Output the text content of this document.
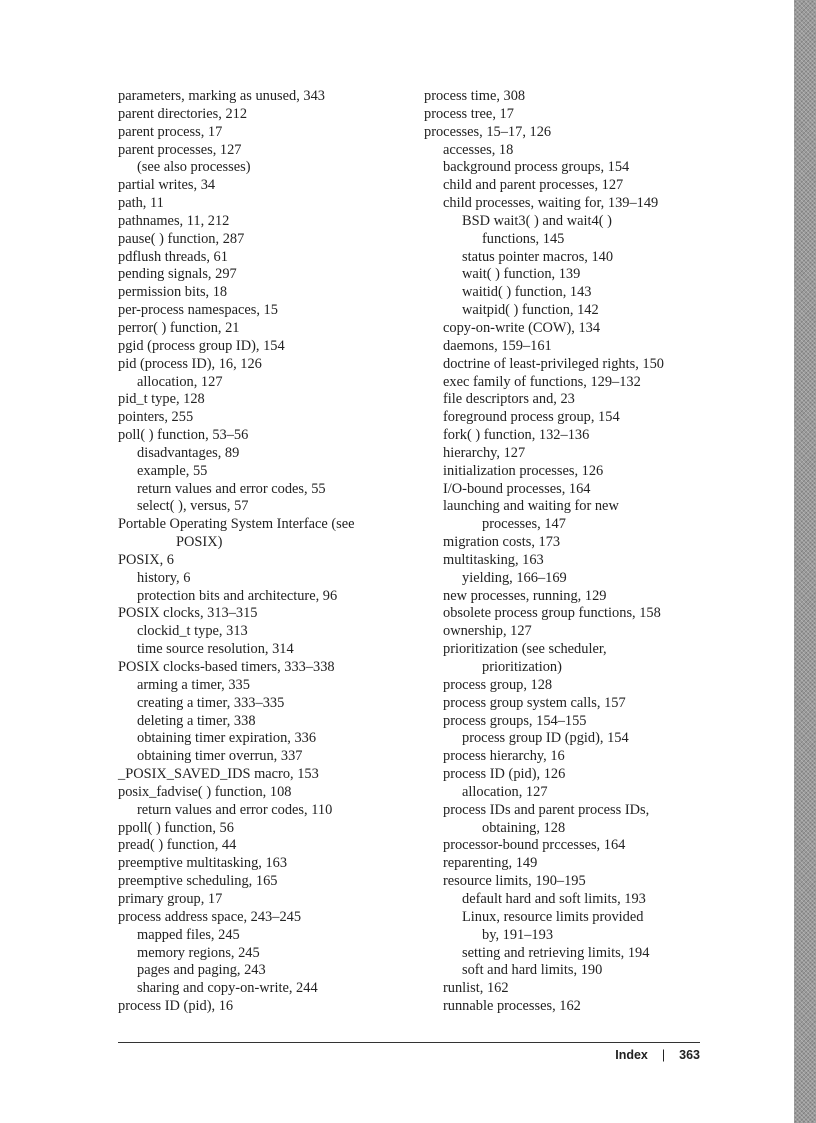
parameters, marking as unused, 343

parent directories, 212

parent process, 17

parent processes, 127

(see also processes)

partial writes, 34

path, 11

pathnames, 11, 212

pause( ) function, 287

pdflush threads, 61

pending signals, 297

permission bits, 18

per-process namespaces, 15

perror( ) function, 21

pgid (process group ID), 154

pid (process ID), 16, 126

allocation, 127

pid_t type, 128

pointers, 255

poll( ) function, 53–56

disadvantages, 89

example, 55

return values and error codes, 55

select( ), versus, 57

Portable Operating System Interface (see

POSIX)

POSIX, 6

history, 6

protection bits and architecture, 96

POSIX clocks, 313–315

clockid_t type, 313

time source resolution, 314

POSIX clocks-based timers, 333–338

arming a timer, 335

creating a timer, 333–335

deleting a timer, 338

obtaining timer expiration, 336

obtaining timer overrun, 337

_POSIX_SAVED_IDS macro, 153

posix_fadvise( ) function, 108

return values and error codes, 110

ppoll( ) function, 56

pread( ) function, 44

preemptive multitasking, 163

preemptive scheduling, 165

primary group, 17

process address space, 243–245

mapped files, 245

memory regions, 245

pages and paging, 243

sharing and copy-on-write, 244

process ID (pid), 16

process time, 308

process tree, 17

processes, 15–17, 126

accesses, 18

background process groups, 154

child and parent processes, 127

child processes, waiting for, 139–149

BSD wait3( ) and wait4( )

functions, 145

status pointer macros, 140

wait( ) function, 139

waitid( ) function, 143

waitpid( ) function, 142

copy-on-write (COW), 134

daemons, 159–161

doctrine of least-privileged rights, 150

exec family of functions, 129–132

file descriptors and, 23

foreground process group, 154

fork( ) function, 132–136

hierarchy, 127

initialization processes, 126

I/O-bound processes, 164

launching and waiting for new

processes, 147

migration costs, 173

multitasking, 163

yielding, 166–169

new processes, running, 129

obsolete process group functions, 158

ownership, 127

prioritization (see scheduler,

prioritization)

process group, 128

process group system calls, 157

process groups, 154–155

process group ID (pgid), 154

process hierarchy, 16

process ID (pid), 126

allocation, 127

process IDs and parent process IDs,

obtaining, 128

processor-bound prccesses, 164

reparenting, 149

resource limits, 190–195

default hard and soft limits, 193

Linux, resource limits provided

by, 191–193

setting and retrieving limits, 194

soft and hard limits, 190

runlist, 162

runnable processes, 162

Index | 363
